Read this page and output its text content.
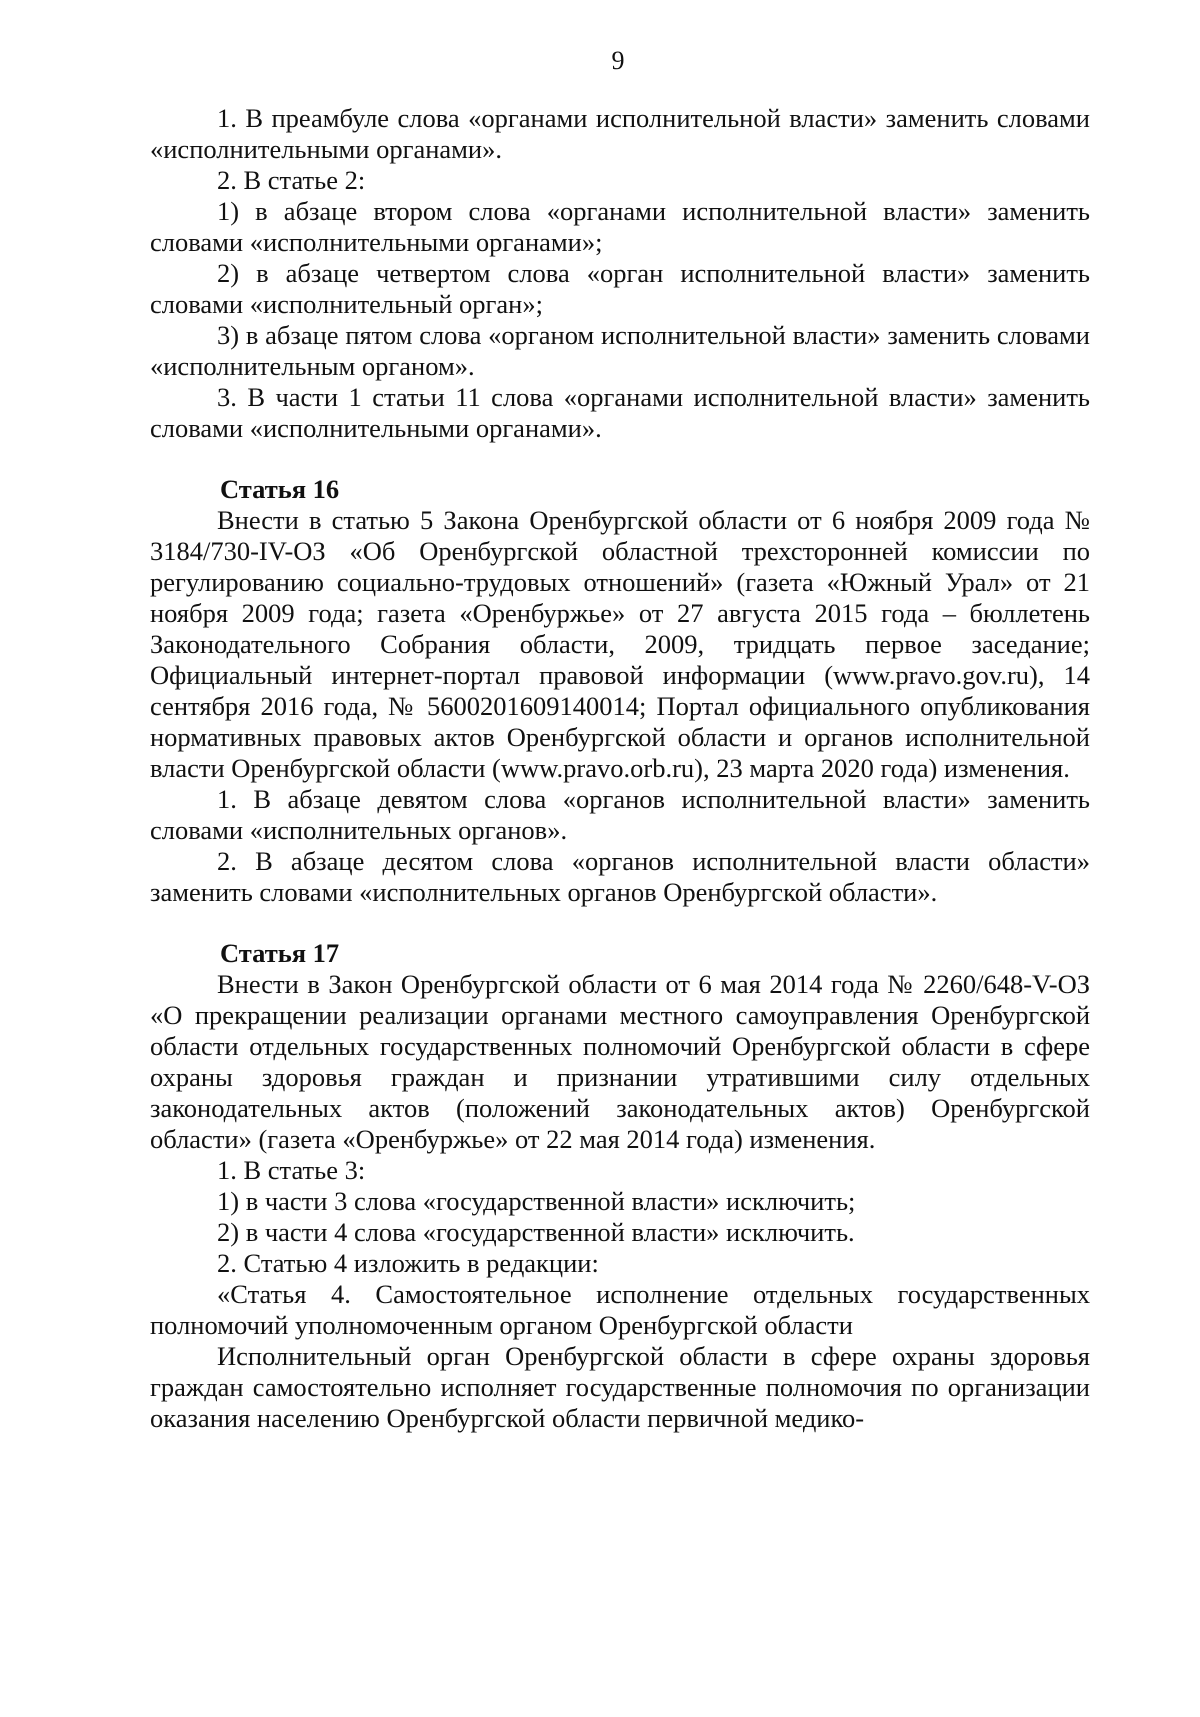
9

1. В преамбуле слова «органами исполнительной власти» заменить словами «исполнительными органами».

2. В статье 2:

1) в абзаце втором слова «органами исполнительной власти» заменить словами «исполнительными органами»;

2) в абзаце четвертом слова «орган исполнительной власти» заменить словами «исполнительный орган»;

3) в абзаце пятом слова «органом исполнительной власти» заменить словами «исполнительным органом».

3. В части 1 статьи 11 слова «органами исполнительной власти» заменить словами «исполнительными органами».

Статья 16

Внести в статью 5 Закона Оренбургской области от 6 ноября 2009 года № 3184/730-IV-ОЗ «Об Оренбургской областной трехсторонней комиссии по регулированию социально-трудовых отношений» (газета «Южный Урал» от 21 ноября 2009 года; газета «Оренбуржье» от 27 августа 2015 года – бюллетень Законодательного Собрания области, 2009, тридцать первое заседание; Официальный интернет-портал правовой информации (www.pravo.gov.ru), 14 сентября 2016 года, № 5600201609140014; Портал официального опубликования нормативных правовых актов Оренбургской области и органов исполнительной власти Оренбургской области (www.pravo.orb.ru), 23 марта 2020 года) изменения.

1. В абзаце девятом слова «органов исполнительной власти» заменить словами «исполнительных органов».

2. В абзаце десятом слова «органов исполнительной власти области» заменить словами «исполнительных органов Оренбургской области».

Статья 17

Внести в Закон Оренбургской области от 6 мая 2014 года № 2260/648-V-ОЗ «О прекращении реализации органами местного самоуправления Оренбургской области отдельных государственных полномочий Оренбургской области в сфере охраны здоровья граждан и признании утратившими силу отдельных законодательных актов (положений законодательных актов) Оренбургской области» (газета «Оренбуржье» от 22 мая 2014 года) изменения.

1. В статье 3:

1) в части 3 слова «государственной власти» исключить;

2) в части 4 слова «государственной власти» исключить.

2. Статью 4 изложить в редакции:

«Статья 4. Самостоятельное исполнение отдельных государственных полномочий уполномоченным органом Оренбургской области

Исполнительный орган Оренбургской области в сфере охраны здоровья граждан самостоятельно исполняет государственные полномочия по организации оказания населению Оренбургской области первичной медико-
